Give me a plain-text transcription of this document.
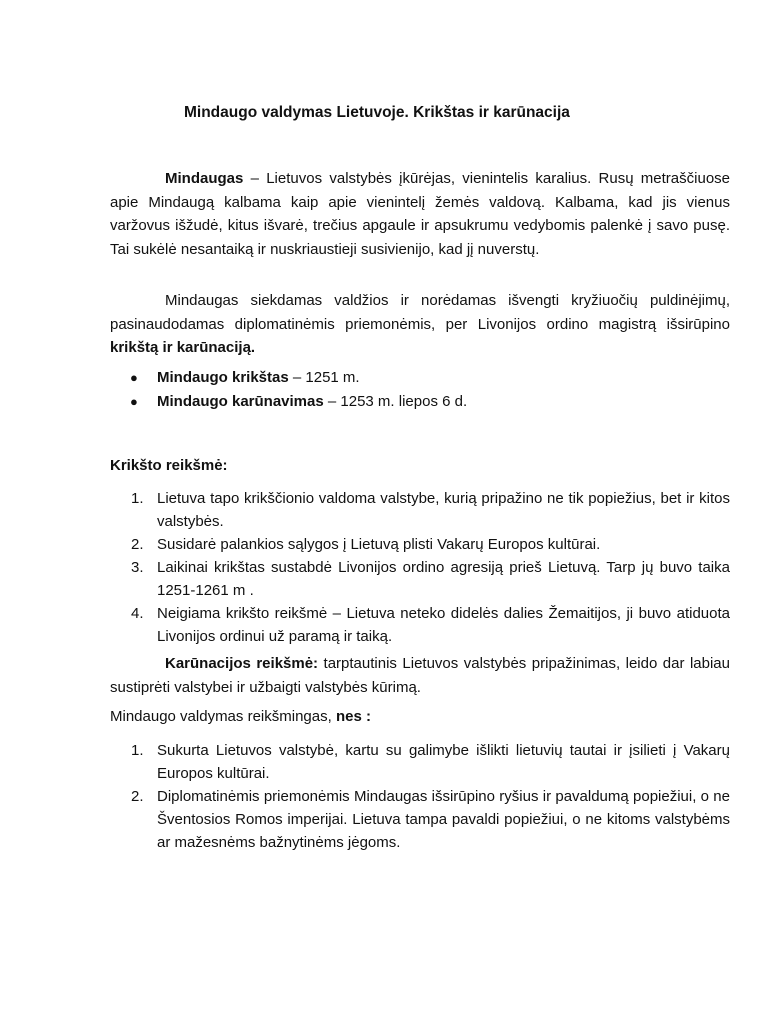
Mindaugo valdymas Lietuvoje. Krikštas ir karūnacija

Mindaugas – Lietuvos valstybės įkūrėjas, vienintelis karalius. Rusų metraščiuose apie Mindaugą kalbama kaip apie vienintelį žemės valdovą. Kalbama, kad jis vienus varžovus išžudė, kitus išvarė, trečius apgaule ir apsukrumu vedybomis palenkė į savo pusę. Tai sukėlė nesantaiką ir nuskriaustieji susivienijo, kad jį nuverstų.

Mindaugas siekdamas valdžios ir norėdamas išvengti kryžiuočių puldinėjimų, pasinaudodamas diplomatinėmis priemonėmis, per Livonijos ordino magistrą išsirūpino krikštą ir karūnaciją.

● Mindaugo krikštas – 1251 m.
● Mindaugo karūnavimas – 1253 m. liepos 6 d.

Krikšto reikšmė:

1. Lietuva tapo krikščionio valdoma valstybe, kurią pripažino ne tik popiežius, bet ir kitos valstybės.
2. Susidarė palankios sąlygos į Lietuvą plisti Vakarų Europos kultūrai.
3. Laikinai krikštas sustabdė Livonijos ordino agresiją prieš Lietuvą. Tarp jų buvo taika 1251-1261 m .
4. Neigiama krikšto reikšmė – Lietuva neteko didelės dalies Žemaitijos, ji buvo atiduota Livonijos ordinui už paramą ir taiką.

Karūnacijos reikšmė: tarptautinis Lietuvos valstybės pripažinimas, leido dar labiau sustiprėti valstybei ir užbaigti valstybės kūrimą.

Mindaugo valdymas reikšmingas, nes :

1. Sukurta Lietuvos valstybė, kartu su galimybe išlikti lietuvių tautai ir įsilieti į Vakarų Europos kultūrai.
2. Diplomatinėmis priemonėmis Mindaugas išsirūpino ryšius ir pavaldumą popiežiui, o ne Šventosios Romos imperijai. Lietuva tampa pavaldi popiežiui, o ne kitoms valstybėms ar mažesnėms bažnytinėms jėgoms.
